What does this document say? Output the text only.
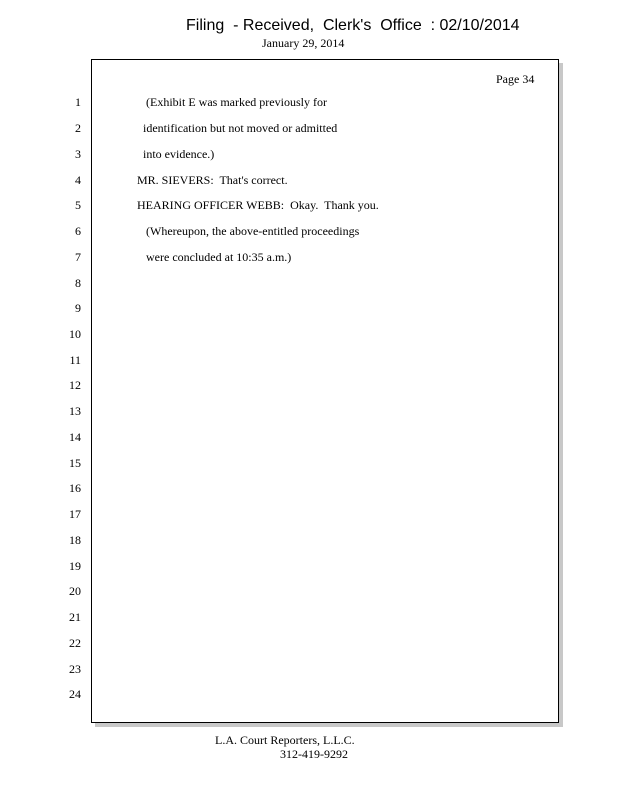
Filing  - Received,  Clerk's  Office  : 02/10/2014
January 29, 2014
Page 34
1
2
3
4
5
6
7
8
9
10
11
12
13
14
15
16
17
18
19
20
21
22
23
24
(Exhibit E was marked previously for
identification but not moved or admitted
into evidence.)
MR. SIEVERS:  That's correct.
HEARING OFFICER WEBB:  Okay.  Thank you.
(Whereupon, the above-entitled proceedings
were concluded at 10:35 a.m.)
L.A. Court Reporters, L.L.C.
312-419-9292
